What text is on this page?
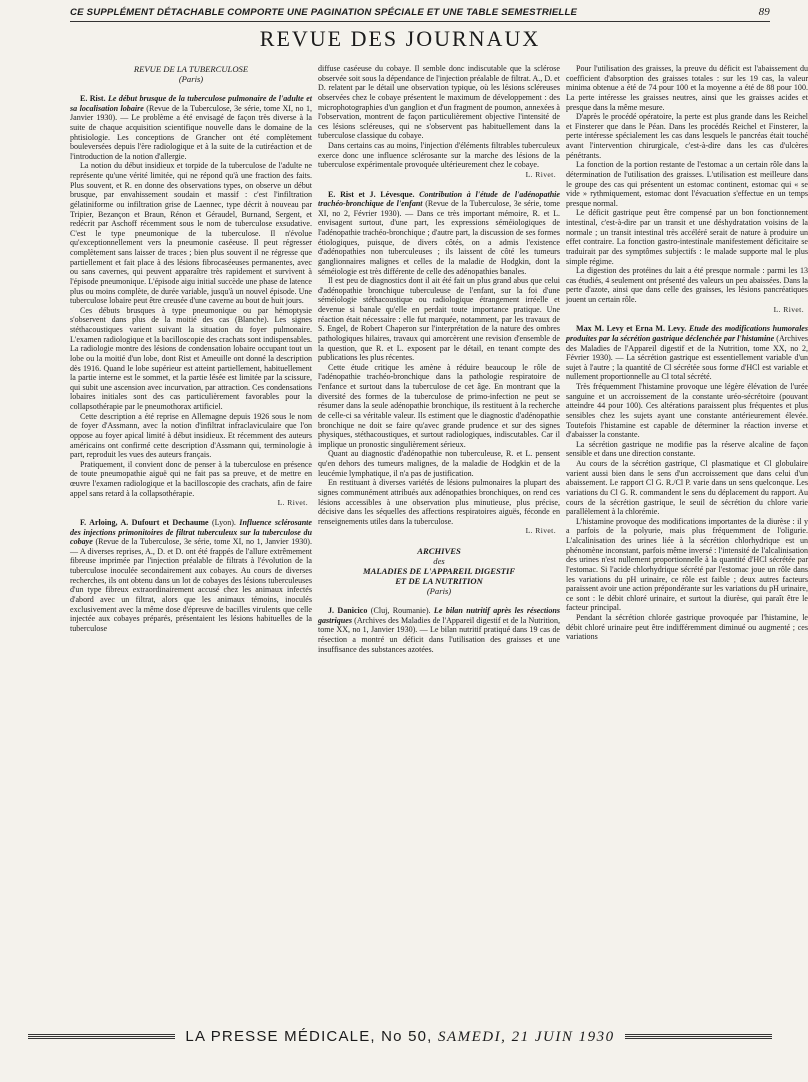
CE SUPPLÉMENT DÉTACHABLE COMPORTE UNE PAGINATION SPÉCIALE ET UNE TABLE SEMESTRIELLE	89
REVUE DES JOURNAUX
REVUE DE LA TUBERCULOSE
(Paris)

E. Rist. Le début brusque de la tuberculose pulmonaire de l'adulte et sa localisation lobaire (Revue de la Tuberculose, 3e série, tome XI, no 1, Janvier 1930). — Le problème a été envisagé de façon très diverse à la suite de chaque acquisition scientifique nouvelle dans le domaine de la phtisiologie. Les conceptions de Grancher ont été complètement bouleversées depuis l'ère radiologique et à la suite de la cutiréaction et de l'introduction de la notion d'allergie.

La notion du début insidieux et torpide de la tuberculose de l'adulte ne représente qu'une vérité limitée, qui ne répond qu'à une fraction des faits. Plus souvent, et R. en donne des observations types, on observe un début brusque, par envahissement soudain et massif : c'est l'infiltration gélatiniforme ou infiltration grise de Laennec, type décrit à nouveau par Tripier, Bezançon et Braun, Rénon et Géraudel, Burnand, Sergent, et redécrit par Aschoff récemment sous le nom de tuberculose exsudative. C'est le type pneumonique de la tuberculose. Il n'évolue qu'exceptionnellement vers la pneumonie caséeuse. Il peut régresser complètement sans laisser de traces ; bien plus souvent il ne régresse que partiellement et fait place à des lésions fibrocaséeuses permanentes, avec ou sans cavernes, qui peuvent apparaître très rapidement et survivent à l'épisode pneumonique. L'épisode aigu initial succède une phase de latence plus ou moins complète, de durée variable, jusqu'à un nouvel épisode. Une tuberculose lobaire peut être creusée d'une caverne au bout de huit jours.

Ces débuts brusques à type pneumonique ou par hémoptysie s'observent dans plus de la moitié des cas (Blanche). Les signes stéthacoustiques varient suivant la situation du foyer pulmonaire. L'examen radiologique et la bacilloscopie des crachats sont indispensables. La radiologie montre des lésions de condensation lobaire occupant tout un lobe ou la moitié d'un lobe, dont Rist et Ameuille ont donné la description dès 1916. Quand le lobe supérieur est atteint partiellement, habituellement la partie interne est le sommet, et la partie lésée est limitée par la scissure, qui subit une ascension avec incurvation, par attraction. Ces condensations lobaires initiales sont des cas particulièrement favorables pour la collapsothérapie par le pneumothorax artificiel.

Cette description a été reprise en Allemagne depuis 1926 sous le nom de foyer d'Assmann, avec la notion d'infiltrat infraclaviculaire que l'on oppose au foyer apical limité à début insidieux. Et récemment des auteurs américains ont confirmé cette description d'Assmann qui, terminologie à part, reproduit les vues des auteurs français.

Pratiquement, il convient donc de penser à la tuberculose en présence de toute pneumopathie aiguë qui ne fait pas sa preuve, et de mettre en œuvre l'examen radiologique et la bacilloscopie des crachats, afin de faire appel sans retard à la collapsothérapie.

L. Rivet.

F. Arloing, A. Dufourt et Dechaume (Lyon). Influence sclérosante des injections primonitoires de filtrat tuberculeux sur la tuberculose du cobaye (Revue de la Tuberculose, 3e série, tome XI, no 1, Janvier 1930). — A diverses reprises, A., D. et D. ont été frappés de l'allure extrêmement fibreuse imprimée par l'injection préalable de filtrats à l'évolution de la tuberculose inoculée secondairement aux cobayes. Au cours de diverses recherches, ils ont obtenu dans un lot de cobayes des lésions tuberculeuses d'un type fibreux extraordinairement accusé chez les animaux infectés d'abord avec un filtrat, alors que les animaux témoins, inoculés exclusivement avec la même dose d'épreuve de bacilles virulents que celle injectée aux cobayes préparés, présentaient les lésions habituelles de la tuberculose

diffuse caséeuse du cobaye. Il semble donc indiscutable que la sclérose observée soit sous la dépendance de l'injection préalable de filtrat. A., D. et D. relatent par le détail une observation typique, où les lésions scléreuses observées chez le cobaye présentent le maximum de développement : des microphotographies d'un ganglion et d'un fragment de poumon, annexées à l'observation, montrent de façon particulièrement objective l'intensité de ces lésions scléreuses, qui ne s'observent pas habituellement dans la tuberculose classique du cobaye.

Dans certains cas au moins, l'injection d'éléments filtrables tuberculeux exerce donc une influence sclérosante sur la marche des lésions de la tuberculose expérimentale provoquée ultérieurement chez le cobaye.

L. Rivet.

E. Rist et J. Lévesque. Contribution à l'étude de l'adénopathie trachéo-bronchique de l'enfant (Revue de la Tuberculose, 3e série, tome XI, no 2, Février 1930). — Dans ce très important mémoire, R. et L. envisagent surtout, d'une part, les expressions séméiologiques de l'adénopathie trachéo-bronchique ; d'autre part, la discussion de ses formes étiologiques, puisque, de divers côtés, on a admis l'existence d'adénopathies non tuberculeuses ; ils laissent de côté les tumeurs ganglionnaires malignes et celles de la maladie de Hodgkin, dont la séméiologie est très différente de celle des adénopathies banales.

Il est peu de diagnostics dont il ait été fait un plus grand abus que celui d'adénopathie bronchique tuberculeuse de l'enfant, sur la foi d'une séméiologie stéthacoustique ou radiologique étrangement irréelle et devenue si banale qu'elle en perdait toute importance pratique. Une réaction était nécessaire : elle fut marquée, notamment, par les travaux de S. Engel, de Robert Chaperon sur l'interprétation de la nature des ombres pathologiques hilaires, travaux qui amorcèrent une revision d'ensemble de la question, que R. et L. exposent par le détail, en tenant compte des publications les plus récentes.

Cette étude critique les amène à réduire beaucoup le rôle de l'adénopathie trachéo-bronchique dans la pathologie respiratoire de l'enfance et surtout dans la tuberculose de cet âge. En montrant que la diversité des formes de la tuberculose de primo-infection ne peut se résumer dans la seule adénopathie bronchique, ils restituent à la recherche de celle-ci sa véritable valeur. Ils estiment que le diagnostic d'adénopathie bronchique ne doit se faire qu'avec grande prudence et sur des signes physiques, stéthacoustiques, et surtout radiologiques, indiscutables. Car il implique un pronostic singulièrement sérieux.

Quant au diagnostic d'adénopathie non tuberculeuse, R. et L. pensent qu'en dehors des tumeurs malignes, de la maladie de Hodgkin et de la leucémie lymphatique, il n'a pas de justification.

En restituant à diverses variétés de lésions pulmonaires la plupart des signes communément attribués aux adénopathies bronchiques, on rend ces lésions accessibles à une observation plus minutieuse, plus précise, décisive dans les séquelles des affections respiratoires aiguës, féconde en renseignements utiles dans la tuberculose.

L. Rivet.
ARCHIVES
des
MALADIES DE L'APPAREIL DIGESTIF
ET DE LA NUTRITION
(Paris)

J. Danicico (Cluj, Roumanie). Le bilan nutritif après les résections gastriques (Archives des Maladies de l'Appareil digestif et de la Nutrition, tome XX, no 1, Janvier 1930). — Le bilan nutritif pratiqué dans 19 cas de résection a montré un déficit dans l'utilisation des graisses et une insuffisance des substances azotées.

Pour l'utilisation des graisses, la preuve du déficit est l'abaissement du coefficient d'absorption des graisses totales : sur les 19 cas, la valeur minima obtenue a été de 74 pour 100 et la moyenne a été de 88 pour 100. La perte intéresse les graisses neutres, ainsi que les graisses acides et presque dans la même mesure.

D'après le procédé opératoire, la perte est plus grande dans les Reichel et Finsterer que dans le Péan. Dans les procédés Reichel et Finsterer, la perte intéresse spécialement les cas dans lesquels le pancréas était touché avant l'intervention chirurgicale, c'est-à-dire dans les cas d'ulcères pénétrants.

La fonction de la portion restante de l'estomac a un certain rôle dans la détermination de l'utilisation des graisses. L'utilisation est meilleure dans le groupe des cas qui présentent un estomac continent, estomac qui « se vide » rythmiquement, estomac dont l'évacuation s'effectue en un temps presque normal.

Le déficit gastrique peut être compensé par un bon fonctionnement intestinal, c'est-à-dire par un transit et une déshydratation voisins de la normale ; un transit intestinal très accéléré serait de nature à produire un effet contraire. La fonction gastro-intestinale manifestement déficitaire se traduirait par des symptômes subjectifs : le malade supporte mal le plus simple régime.

La digestion des protéines du lait a été presque normale : parmi les 13 cas étudiés, 4 seulement ont présenté des valeurs un peu abaissées. Dans la perte d'azote, ainsi que dans celle des graisses, les lésions pancréatiques jouent un certain rôle.

L. Rivet.

Max M. Levy et Erna M. Levy. Etude des modifications humorales produites par la sécrétion gastrique déclenchée par l'histamine (Archives des Maladies de l'Appareil digestif et de la Nutrition, tome XX, no 2, Février 1930). — La sécrétion gastrique est essentiellement variable d'un sujet à l'autre ; la quantité de Cl sécrétée sous forme d'HCl est variable et nullement proportionnelle au Cl total sécrété.

Très fréquemment l'histamine provoque une légère élévation de l'urée sanguine et un accroissement de la constante uréo-sécrétoire (pouvant atteindre 44 pour 100). Ces altérations paraissent plus fréquentes et plus sensibles chez les sujets ayant une constante antérieurement élevée. Toutefois l'histamine est capable de déterminer la réaction inverse et d'abaisser la constante.

La sécrétion gastrique ne modifie pas la réserve alcaline de façon sensible et dans une direction constante.

Au cours de la sécrétion gastrique, Cl plasmatique et Cl globulaire varient aussi bien dans le sens d'un accroissement que dans celui d'un abaissement. Le rapport Cl G. R./Cl P. varie dans un sens quelconque. Les variations du Cl G. R. commandent le sens du déplacement du rapport. Au cours de la sécrétion gastrique, le seuil de sécrétion du chlore varie parallèlement à la chlorémie.

L'histamine provoque des modifications importantes de la diurèse : il y a parfois de la polyurie, mais plus fréquemment de l'oligurie. L'alcalinisation des urines liée à la sécrétion chlorhydrique est un phénomène inconstant, parfois même inversé : l'intensité de l'alcalinisation des urines n'est nullement proportionnelle à la quantité d'HCl sécrétée par l'estomac. Si l'acide chlorhydrique sécrété par l'estomac joue un rôle dans les variations du pH urinaire, ce rôle est faible ; deux autres facteurs paraissent avoir une action prépondérante sur les variations du pH urinaire, ce sont : le débit chloré urinaire, et surtout la diurèse, qui paraît être le facteur principal.

Pendant la sécrétion chlorée gastrique provoquée par l'histamine, le débit chloré urinaire peut être indifféremment diminué ou augmenté ; ces variations

LA PRESSE MÉDICALE, No 50, SAMEDI, 21 JUIN 1930
